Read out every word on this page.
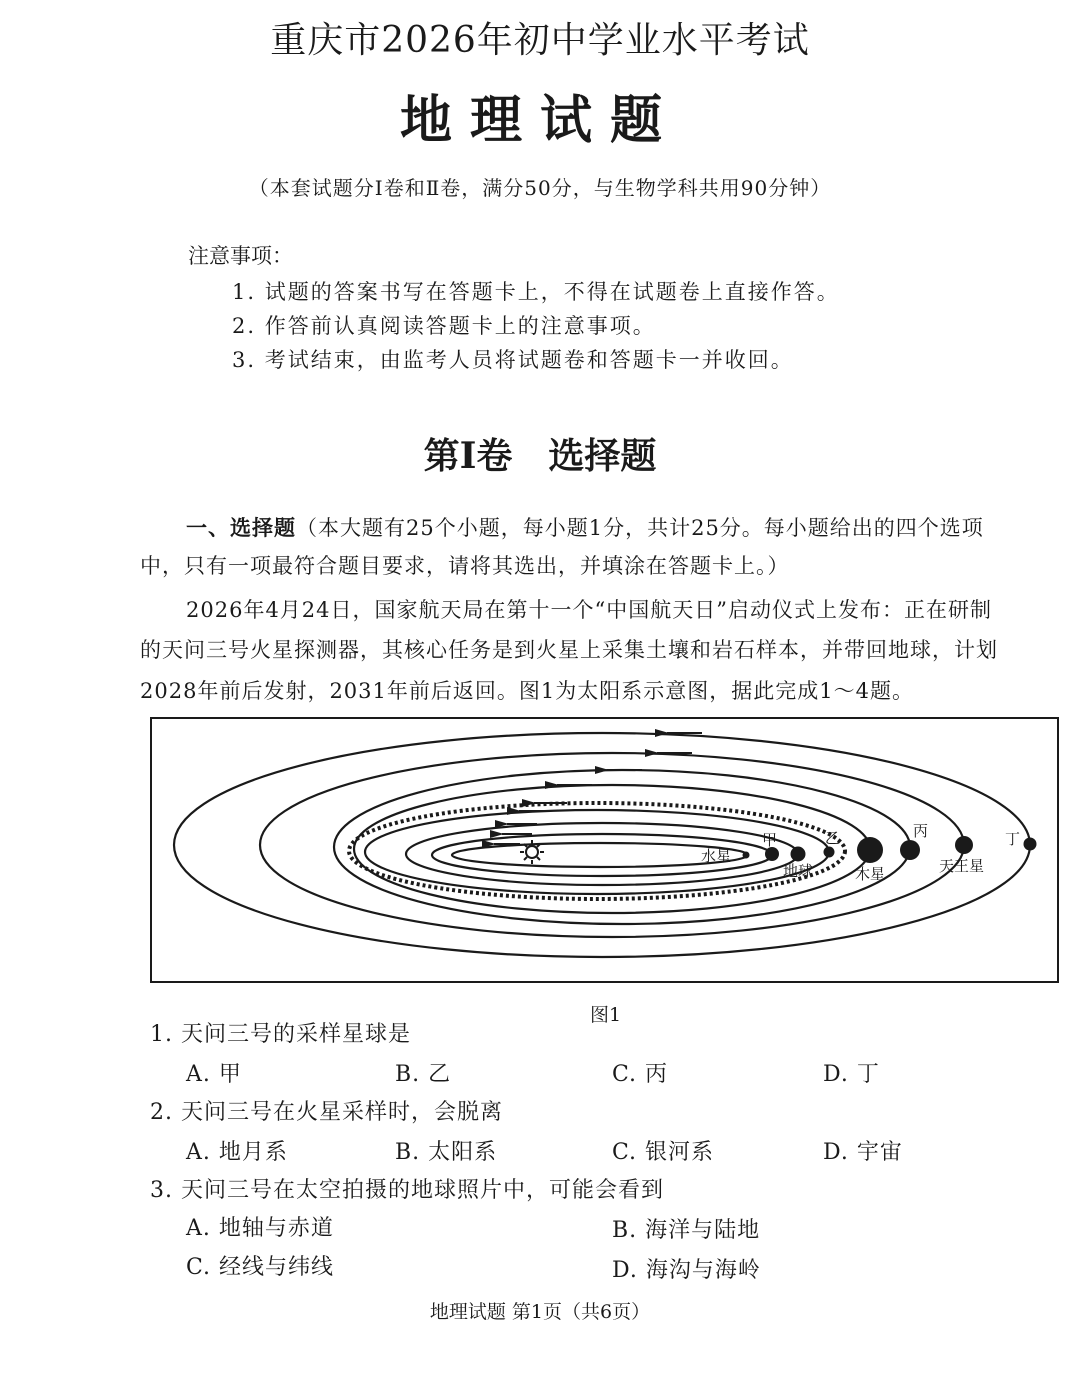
重庆市2026年初中学业水平考试
地理试题
（本套试题分Ⅰ卷和Ⅱ卷，满分50分，与生物学科共用90分钟）
注意事项：
1. 试题的答案书写在答题卡上，不得在试题卷上直接作答。
2. 作答前认真阅读答题卡上的注意事项。
3. 考试结束，由监考人员将试题卷和答题卡一并收回。
第Ⅰ卷　选择题
一、选择题（本大题有25个小题，每小题1分，共计25分。每小题给出的四个选项
中，只有一项最符合题目要求，请将其选出，并填涂在答题卡上。）
2026年4月24日，国家航天局在第十一个“中国航天日”启动仪式上发布：正在研制
的天问三号火星探测器，其核心任务是到火星上采集土壤和岩石样本，并带回地球，计划
2028年前后发射，2031年前后返回。图1为太阳系示意图，据此完成1～4题。
水星
甲
地球
乙
木星
丙
天王星
丁
图1
1. 天问三号的采样星球是
A. 甲	B. 乙	C. 丙	D. 丁
2. 天问三号在火星采样时，会脱离
A. 地月系	B. 太阳系	C. 银河系	D. 宇宙
3. 天问三号在太空拍摄的地球照片中，可能会看到
A. 地轴与赤道	B. 海洋与陆地
C. 经线与纬线	D. 海沟与海岭
地理试题 第1页（共6页）
